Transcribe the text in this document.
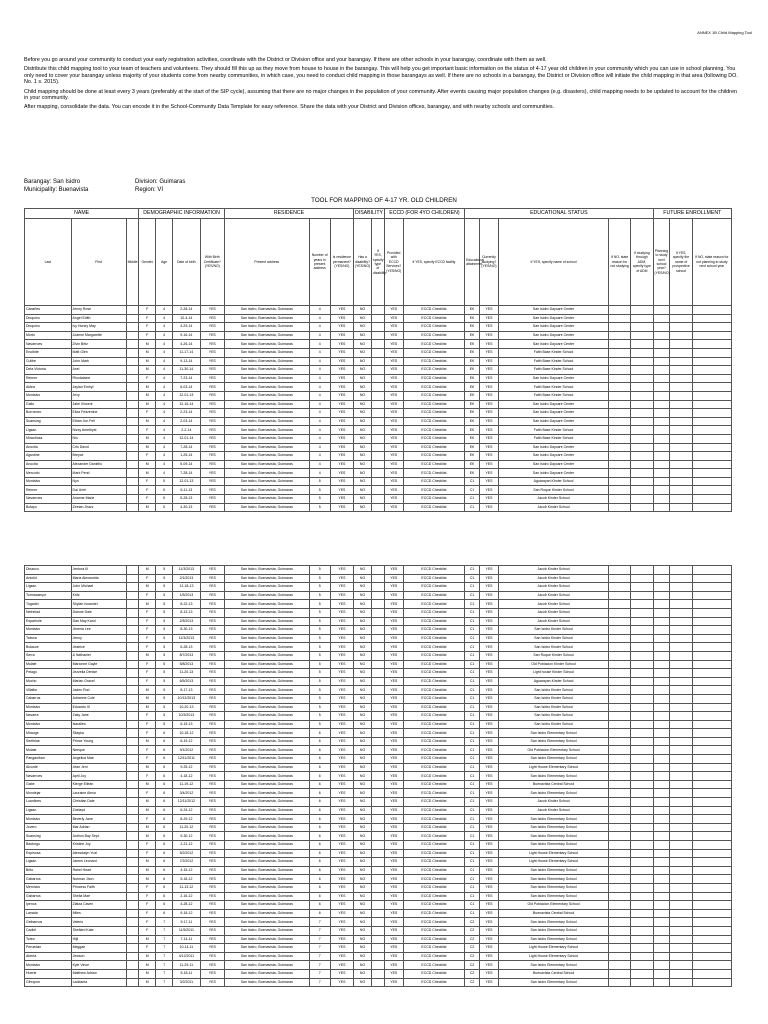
ANNEX 1B Child Mapping Tool

Before you go around your community to conduct your early registration activities, coordinate with the District or Division office and your barangay. If there are other schools in your barangay, coordinate with them as well.

Distribute this child mapping tool to your team of teachers and volunteers. They should fill this up as they move from house to house in the barangay. This will help you get important basic information on the status of 4-17 year old children in your community which you can use in school planning. You only need to cover your barangay unless majority of your students come from nearby communities, in which case, you need to conduct child mapping in those barangays as well. If there are no schools in a barangay, the District or Division office will initiate the child mapping in that area (following DO. No. 1 s. 2015).

Child mapping should be done at least every 3 years (preferably at the start of the SIP cycle), assuming that there are no major changes in the population of your community. After events causing major population changes (e.g. disasters), child mapping needs to be updated to account for the children in your community.

After mapping, consolidate the data. You can encode it in the School-Community Data Template for easy reference. Share the data with your District and Division offices, barangay, and with nearby schools and communities.

Barangay: San Isidro
Municipality: Buenavista
Division: Guimaras
Region: VI
TOOL FOR MAPPING OF 4-17 YR. OLD CHILDREN
NAME			DEMOGRAPHIC INFORMATION				RESIDENCE			DISABILITY		ECCD (FOR 4YO CHILDREN)		EDUCATIONAL STATUS					FUTURE ENROLLMENT		
Last	First	Middle	Gender	Age	Date of birth	With Birth Certificate? (YES/NO)	Present address	Number of years in present address	Is residence permanent? (YES/NO)	Has a disability? (YES/NO)	If YES, specify type of disability	Provided with ECCD Services? (YES/NO)	If YES, specify ECCD facility	Educational attainment	Currently studying? (YES/NO)	If YES, specify name of school	If NO, state reason for not studying	If studying through ADM, specify type of ADM	Planning to study next school year? (YES/NO)	If YES, specify the name of prospective school	If NO, state reason for not planning to study next school year
Cabañes	Jenny Rose		F	4	2-28-14	YES	San Isidro, Buenavista, Guimaras	4	YES	NO		YES	ECCD Checklist	EK	YES	San Isidro Daycare Center					
Dioquino	Angel Edith		F	4	10-4-14	YES	San Isidro, Buenavista, Guimaras	4	YES	NO		YES	ECCD Checklist	EK	YES	San Isidro Daycare Center					
Dioquino	Ivy Honey May		F	4	4-29-14	YES	San Isidro, Buenavista, Guimaras	4	YES	NO		YES	ECCD Checklist	EK	YES	San Isidro Daycare Center					
Morto	Joanne Margarette		F	4	9-16-14	YES	San Isidro, Buenavista, Guimaras	4	YES	NO		YES	ECCD Checklist	EK	YES	San Isidro Daycare Center					
Navarroes	Zivin Britz		M	4	4-26-14	YES	San Isidro, Buenavista, Guimaras	4	YES	NO		YES	ECCD Checklist	EK	YES	San Isidro Daycare Center					
Enolbite	Matt Glen		M	4	11-17-14	YES	San Isidro, Buenavista, Guimaras	4	YES	NO		YES	ECCD Checklist	EK	YES	Faith Base Kinder School					
Culibe	John Mark		M	4	9-13-14	YES	San Isidro, Buenavista, Guimaras	4	YES	NO		YES	ECCD Checklist	EK	YES	Faith Base Kinder School					
Dela Victoria	Axel		M	4	11-30-14	YES	San Isidro, Buenavista, Guimaras	4	YES	NO		YES	ECCD Checklist	EK	YES	Faith Base Kinder School					
Reimer	Rhodalaine		F	4	7-23-14	YES	San Isidro, Buenavista, Guimaras	4	YES	NO		YES	ECCD Checklist	EK	YES	San Isidro Daycare Center					
Aldea	Jaylan Emhyl		M	4	6-03-14	YES	San Isidro, Buenavista, Guimaras	4	YES	NO		YES	ECCD Checklist	EK	YES	Faith Base Kinder School					
Montalvo	Jevy		M	4	12-01-13	YES	San Isidro, Buenavista, Guimaras	4	YES	NO		YES	ECCD Checklist	EK	YES	Faith Base Kinder School					
Gallo	Jake Vincent		M	4	12-16-14	YES	San Isidro, Buenavista, Guimaras	4	YES	NO		YES	ECCD Checklist	EK	YES	San Isidro Daycare Center					
Borromeo	Eliza Fedzenine		F	4	2-23-14	YES	San Isidro, Buenavista, Guimaras	4	YES	NO		YES	ECCD Checklist	EK	YES	San Isidro Daycare Center					
Suansing	Ethan Jon Feli		M	4	2-03-14	YES	San Isidro, Buenavista, Guimaras	4	YES	NO		YES	ECCD Checklist	EK	YES	San Isidro Daycare Center					
Ligsan	Nizzy Amethyst		F	4	2-2-14	YES	San Isidro, Buenavista, Guimaras	4	YES	NO		YES	ECCD Checklist	EK	YES	Faith Base Kinder School					
Miraoñosa	Nio		M	4	12-01-14	YES	San Isidro, Buenavista, Guimaras	4	YES	NO		YES	ECCD Checklist	EK	YES	Faith Base Kinder School					
Anoctia	Cris David		M	4	7-28-14	YES	San Isidro, Buenavista, Guimaras	4	YES	NO		YES	ECCD Checklist	EK	YES	San Isidro Daycare Center					
Agustine	Breyce		F	4	1-25-14	YES	San Isidro, Buenavista, Guimaras	4	YES	NO		YES	ECCD Checklist	EK	YES	San Isidro Daycare Center					
Anoctia	Alexander Daniello		M	4	5-09-14	YES	San Isidro, Buenavista, Guimaras	4	YES	NO		YES	ECCD Checklist	EK	YES	San Isidro Daycare Center					
Mercurio	Mark Pend		M	4	7-28-14	YES	San Isidro, Buenavista, Guimaras	4	YES	NO		YES	ECCD Checklist	EK	YES	San Isidro Daycare Center					
Montalvo	Nyn		F	5	12-01-13	YES	San Isidro, Buenavista, Guimaras	5	YES	NO		YES	ECCD Checklist	C1	YES	Aguarayan Kinder School					
Reimer	Dai Uriel		F	5	6-11-13	YES	San Isidro, Buenavista, Guimaras	5	YES	NO		YES	ECCD Checklist	C1	YES	San Roque Kinder School					
Navarroes	Arianne Marie		F	5	5-28-13	YES	San Isidro, Buenavista, Guimaras	5	YES	NO		YES	ECCD Checklist	C1	YES	Jacob Kinder School					
Bolayo	Zeetan Jhazz		M	5	4-30-13	YES	San Isidro, Buenavista, Guimaras	5	YES	NO		YES	ECCD Checklist	C1	YES	Jacob Kinder School					
Dinauco	Jentura III		M	5	11/3/2013	YES	San Isidro, Buenavista, Guimaras	5	YES	NO		YES	ECCD Checklist	C1	YES	Jacob Kinder School					
Antolid	Maria Alexandria		F	5	2/1/2013	YES	San Isidro, Buenavista, Guimaras	5	YES	NO		YES	ECCD Checklist	C1	YES	Jacob Kinder School					
Ligsan	John Michael		M	5	12-18-13	YES	San Isidro, Buenavista, Guimaras	5	YES	NO		YES	ECCD Checklist	C1	YES	Jacob Kinder School					
Tormacampo	Kritz		F	5	1/5/2013	YES	San Isidro, Buenavista, Guimaras	5	YES	NO		YES	ECCD Checklist	C1	YES	Jacob Kinder School					
Tugadin	Shylah Isoandel		M	5	8-22-13	YES	San Isidro, Buenavista, Guimaras	5	YES	NO		YES	ECCD Checklist	C1	YES	Jacob Kinder School					
Nethrilad	Dianne Dale		F	5	8-13-13	YES	San Isidro, Buenavista, Guimaras	5	YES	NO		YES	ECCD Checklist	C1	YES	Jacob Kinder School					
Esparhole	Dan May Karol		F	5	2/5/2013	YES	San Isidro, Buenavista, Guimaras	5	YES	NO		YES	ECCD Checklist	C1	YES	Jacob Kinder School					
Montalvo	Jimena Lee		F	5	8-30-13	YES	San Isidro, Buenavista, Guimaras	5	YES	NO		YES	ECCD Checklist	C1	YES	San Isidro Kinder School					
Tabora	Jenny		F	5	11/3/2013	YES	San Isidro, Buenavista, Guimaras	5	YES	NO		YES	ECCD Checklist	C1	YES	San Isidro Kinder School					
Bolasoe	Jeatrice		F	5	6-28-13	YES	San Isidro, Buenavista, Guimaras	5	YES	NO		YES	ECCD Checklist	C1	YES	San Isidro Kinder School					
Serra	& Nathaniel		M	5	8/7/2013	YES	San Isidro, Buenavista, Guimaras	5	YES	NO		YES	ECCD Checklist	C1	YES	San Roque Kinder School					
Molate	Marionne Gayle		F	5	5/8/2013	YES	San Isidro, Buenavista, Guimaras	5	YES	NO		YES	ECCD Checklist	C1	YES	Old Poblacion Kinder School					
Pelago	Jezzella Denise		F	5	11-20-13	YES	San Isidro, Buenavista, Guimaras	5	YES	NO		YES	ECCD Checklist	C1	YES	Light house Kinder School					
Mucho	Marian Gracel		F	5	6/5/2013	YES	San Isidro, Buenavista, Guimaras	5	YES	NO		YES	ECCD Checklist	C1	YES	Aguarayan Kinder School					
Villaflor	Jaden Rod		M	5	8-17-13	YES	San Isidro, Buenavista, Guimaras	5	YES	NO		YES	ECCD Checklist	C1	YES	San Isidro Kinder School					
Cabarrus	Adrianne Cole		M	5	10/12/2013	YES	San Isidro, Buenavista, Guimaras	5	YES	NO		YES	ECCD Checklist	C1	YES	San Isidro Kinder School					
Montalvo	Eduardo III		M	5	10-20-13	YES	San Isidro, Buenavista, Guimaras	5	YES	NO		YES	ECCD Checklist	C1	YES	San Isidro Kinder School					
Navarra	Zaky Jane		F	5	10/3/2013	YES	San Isidro, Buenavista, Guimaras	5	YES	NO		YES	ECCD Checklist	C1	YES	San Isidro Kinder School					
Montalvo	Isaralles		F	5	6-15-13	YES	San Isidro, Buenavista, Guimaras	5	YES	NO		YES	ECCD Checklist	C1	YES	San Isidro Kinder School					
Mirauge	Sliayka		F	6	10-18-12	YES	San Isidro, Buenavista, Guimaras	6	YES	NO		YES	ECCD Checklist	C1	YES	San Isidro Elementary School					
Seethlae	Prince Young		M	6	6-19-12	YES	San Isidro, Buenavista, Guimaras	6	YES	NO		YES	ECCD Checklist	C1	YES	San Isidro Elementary School					
Molate	Neeque		F	6	9/1/2012	YES	San Isidro, Buenavista, Guimaras	6	YES	NO		YES	ECCD Checklist	C1	YES	Old Poblacion Elementary School					
Panganiban	Angelica Mae		F	6	12/11/2011	YES	San Isidro, Buenavista, Guimaras	6	YES	NO		YES	ECCD Checklist	C1	YES	San Isidro Elementary School					
Alcorde	Jean Jeni		M	6	9-25-12	YES	San Isidro, Buenavista, Guimaras	6	YES	NO		YES	ECCD Checklist	C1	YES	Light House Elementary School					
Navarroes	April Joy		F	6	4-18-12	YES	San Isidro, Buenavista, Guimaras	6	YES	NO		YES	ECCD Checklist	C1	YES	San Isidro Elementary School					
Gabe	Kierge Ellean		M	6	11-19-12	YES	San Isidro, Buenavista, Guimaras	6	YES	NO		YES	ECCD Checklist	C1	YES	Buenavista Central School					
Mondejar	Lauraine Alexa		F	6	3/4/2012	YES	San Isidro, Buenavista, Guimaras	6	YES	NO		YES	ECCD Checklist	C1	YES	San Isidro Elementary School					
Loanlines	Christian Dale		M	6	12/11/2012	YES	San Isidro, Buenavista, Guimaras	6	YES	NO		YES	ECCD Checklist	C1	YES	Jacob Kinder School					
Ligsan	Zoelayd		M	6	6-24-12	YES	San Isidro, Buenavista, Guimaras	6	YES	NO		YES	ECCD Checklist	C1	YES	Jacob Kinder School					
Montalvo	Beverly Jane		F	6	8-29-12	YES	San Isidro, Buenavista, Guimaras	6	YES	NO		YES	ECCD Checklist	C1	YES	San Isidro Elementary School					
Jovero	Mar Adrian		M	6	11-20-12	YES	San Isidro, Buenavista, Guimaras	6	YES	NO		YES	ECCD Checklist	C1	YES	San Isidro Elementary School					
Suansing	Anthon Bay Sept		M	6	9-30-12	YES	San Isidro, Buenavista, Guimaras	6	YES	NO		YES	ECCD Checklist	C1	YES	San Isidro Elementary School					
Bastorgo	Kristine Joy		F	6	2-21-12	YES	San Isidro, Buenavista, Guimaras	6	YES	NO		YES	ECCD Checklist	C1	YES	San Isidro Elementary School					
Espinosa	Alexsdalyn Yuzl		F	6	5/2/2012	YES	San Isidro, Buenavista, Guimaras	6	YES	NO		YES	ECCD Checklist	C1	YES	Light House Elementary School					
Ligsan	James Leonard		M	6	7/2/2012	YES	San Isidro, Buenavista, Guimaras	6	YES	NO		YES	ECCD Checklist	C1	YES	Light House Elementary School					
Brito	Rahei Heart		M	6	4-15-12	YES	San Isidro, Buenavista, Guimaras	6	YES	NO		YES	ECCD Checklist	C1	YES	San Isidro Elementary School					
Gabarrus	Norman Jhon		M	6	5-18-12	YES	San Isidro, Buenavista, Guimaras	6	YES	NO		YES	ECCD Checklist	C1	YES	San Isidro Elementary School					
Mernicks	Princess Faith		F	6	11-13-12	YES	San Isidro, Buenavista, Guimaras	6	YES	NO		YES	ECCD Checklist	C1	YES	San Isidro Elementary School					
Gabarrus	Shella Mae		F	6	2-16-12	YES	San Isidro, Buenavista, Guimaras	6	YES	NO		YES	ECCD Checklist	C1	YES	San Isidro Elementary School					
Ipenos	Zlatza Caven		F	6	4-28-12	YES	San Isidro, Buenavista, Guimaras	6	YES	NO		YES	ECCD Checklist	C1	YES	Old Poblacion Elementary School					
Lanada	Miles		F	6	9-18-12	YES	San Isidro, Buenavista, Guimaras	6	YES	NO		YES	ECCD Checklist	C1	YES	Buenavista Central School					
Gelbarnos	Valerio		F	7	9-17-11	YES	San Isidro, Buenavista, Guimaras	7	YES	NO		YES	ECCD Checklist	C2	YES	San Isidro Elementary School					
Cadiel	Shellard Kate		F	7	11/5/2011	YES	San Isidro, Buenavista, Guimaras	7	YES	NO		YES	ECCD Checklist	C2	YES	San Isidro Elementary School					
Toreo	Hijli		M	7	7-14-11	YES	San Isidro, Buenavista, Guimaras	7	YES	NO		YES	ECCD Checklist	C2	YES	San Isidro Elementary School					
Peruedan	Meggan		F	7	10-14-11	YES	San Isidro, Buenavista, Guimaras	7	YES	NO		YES	ECCD Checklist	C2	YES	Light House Elementary School					
Aberta	Jewson		M	7	4/12/2011	YES	San Isidro, Buenavista, Guimaras	7	YES	NO		YES	ECCD Checklist	C2	YES	Light House Elementary School					
Montalvo	Kyle Vince		M	7	11-29-11	YES	San Isidro, Buenavista, Guimaras	7	YES	NO		YES	ECCD Checklist	C2	YES	San Isidro Elementary School					
Huerte	Matthew Adrian		M	7	5-18-11	YES	San Isidro, Buenavista, Guimaras	7	YES	NO		YES	ECCD Checklist	C2	YES	Buenavista Central School					
Gihuyom	Laddanta		M	7	3/2/2011	YES	San Isidro, Buenavista, Guimaras	7	YES	NO		YES	ECCD Checklist	C2	YES	San Isidro Elementary School					
